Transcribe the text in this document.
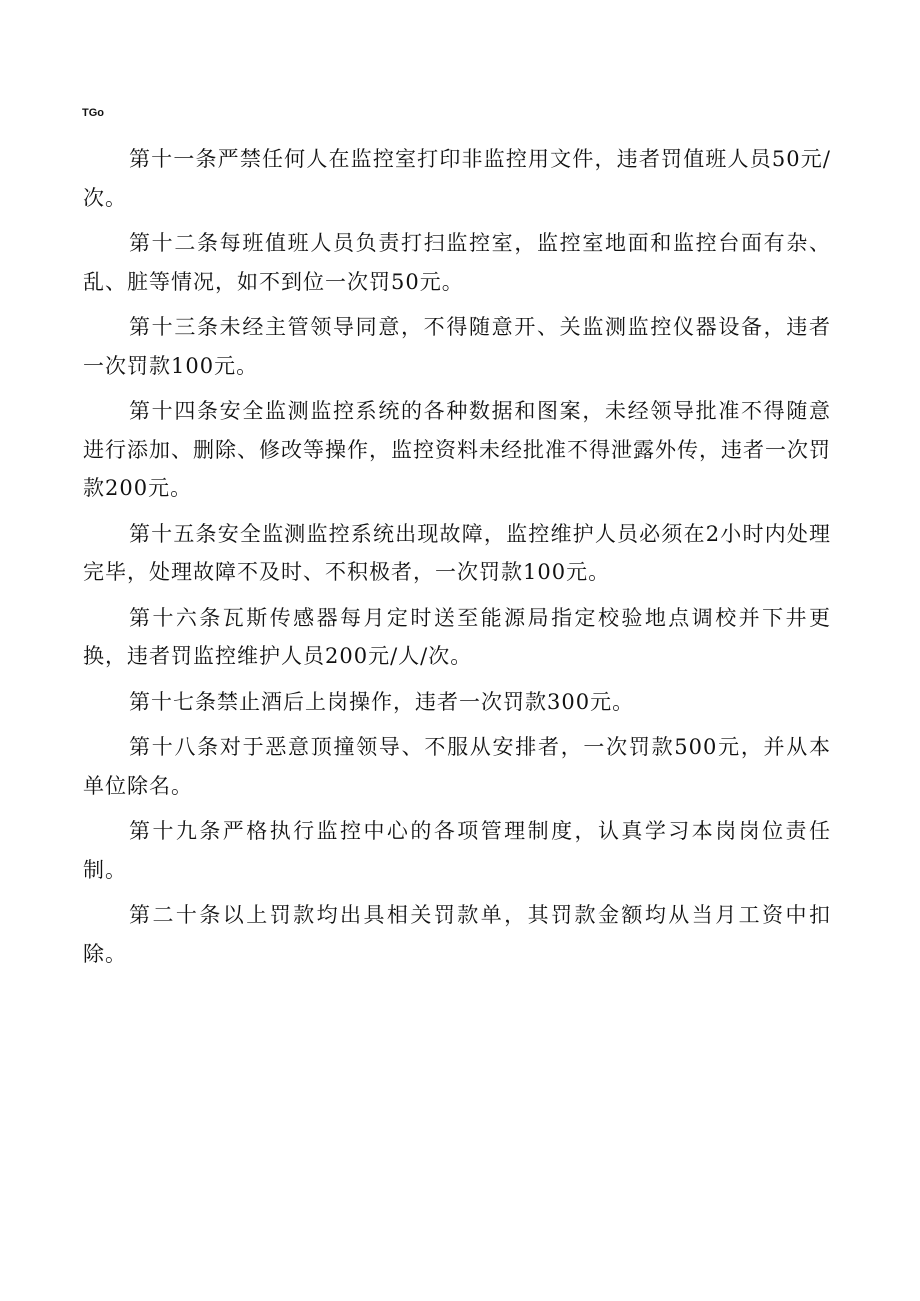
TGo

第十一条严禁任何人在监控室打印非监控用文件，违者罚值班人员50元/次。

第十二条每班值班人员负责打扫监控室，监控室地面和监控台面有杂、乱、脏等情况，如不到位一次罚50元。

第十三条未经主管领导同意，不得随意开、关监测监控仪器设备，违者一次罚款100元。

第十四条安全监测监控系统的各种数据和图案，未经领导批准不得随意进行添加、删除、修改等操作，监控资料未经批准不得泄露外传，违者一次罚款200元。

第十五条安全监测监控系统出现故障，监控维护人员必须在2小时内处理完毕，处理故障不及时、不积极者，一次罚款100元。

第十六条瓦斯传感器每月定时送至能源局指定校验地点调校并下井更换，违者罚监控维护人员200元/人/次。

第十七条禁止酒后上岗操作，违者一次罚款300元。

第十八条对于恶意顶撞领导、不服从安排者，一次罚款500元，并从本单位除名。

第十九条严格执行监控中心的各项管理制度，认真学习本岗岗位责任制。

第二十条以上罚款均出具相关罚款单，其罚款金额均从当月工资中扣除。
